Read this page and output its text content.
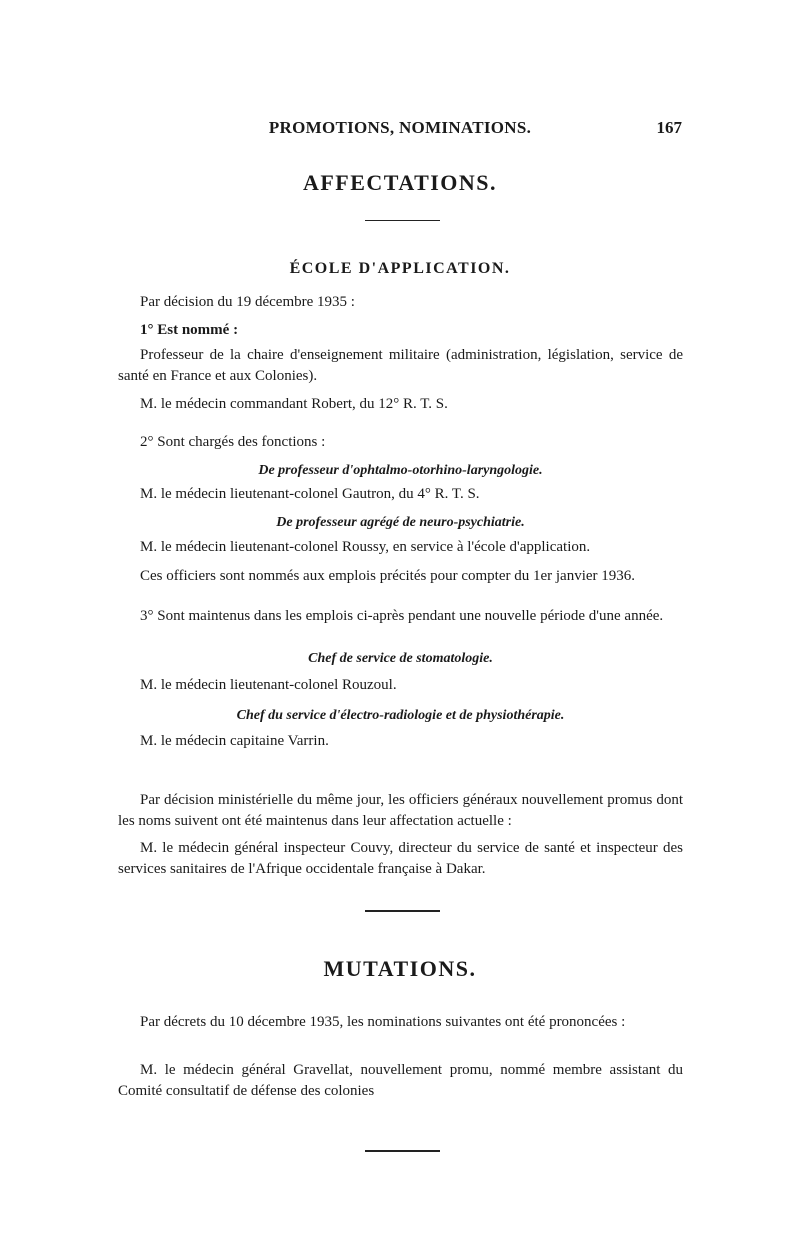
PROMOTIONS, NOMINATIONS.	167
AFFECTATIONS.
ÉCOLE D'APPLICATION.
Par décision du 19 décembre 1935 :
1° Est nommé :
Professeur de la chaire d'enseignement militaire (administration, législation, service de santé en France et aux Colonies).
M. le médecin commandant Robert, du 12° R. T. S.
2° Sont chargés des fonctions :
De professeur d'ophtalmo-otorhino-laryngologie.
M. le médecin lieutenant-colonel Gautron, du 4° R. T. S.
De professeur agrégé de neuro-psychiatrie.
M. le médecin lieutenant-colonel Roussy, en service à l'école d'application.
Ces officiers sont nommés aux emplois précités pour compter du 1er janvier 1936.
3° Sont maintenus dans les emplois ci-après pendant une nouvelle période d'une année.
Chef de service de stomatologie.
M. le médecin lieutenant-colonel Rouzoul.
Chef du service d'électro-radiologie et de physiothérapie.
M. le médecin capitaine Varrin.
Par décision ministérielle du même jour, les officiers généraux nouvellement promus dont les noms suivent ont été maintenus dans leur affectation actuelle :
M. le médecin général inspecteur Couvy, directeur du service de santé et inspecteur des services sanitaires de l'Afrique occidentale française à Dakar.
MUTATIONS.
Par décrets du 10 décembre 1935, les nominations suivantes ont été prononcées :
M. le médecin général Gravellat, nouvellement promu, nommé membre assistant du Comité consultatif de défense des colonies
